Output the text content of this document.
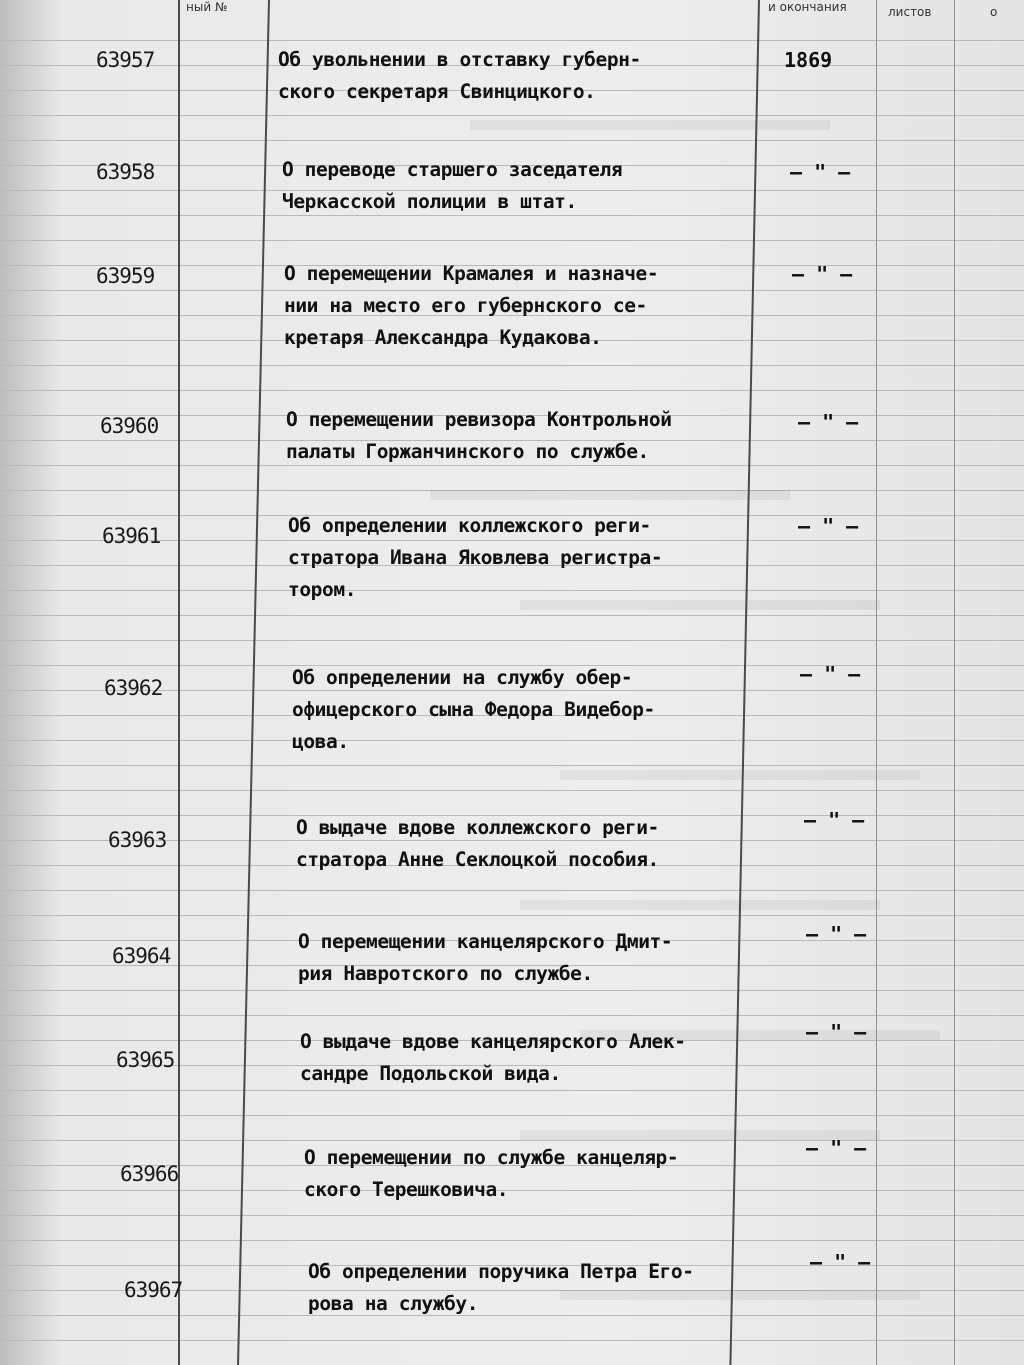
ный №	и окончания	листов	о
63957	Об увольнении в отставку губерн-
ского секретаря Свинцицкого.
1869
63958	О переводе старшего заседателя
Черкасской полиции в штат.
– " –
63959	О перемещении Крамалея и назначе-
нии на место его губернского се-
кретаря Александра Кудакова.
– " –
63960	О перемещении ревизора Контрольной
палаты Горжанчинского по службе.
– " –
63961	Об определении коллежского реги-
стратора Ивана Яковлева регистра-
тором.
– " –
63962	Об определении на службу обер-
офицерского сына Федора Видебор-
цова.
– " –
63963
О выдаче вдове коллежского реги-
стратора Анне Секлоцкой пособия.
– " –
63964
О перемещении канцелярского Дмит-
рия Навротского по службе.
– " –
63965
О выдаче вдове канцелярского Алек-
сандре Подольской вида.
– " –
63966
О перемещении по службе канцеляр-
ского Терешковича.
– " –
63967
Об определении поручика Петра Его-
рова на службу.
– " –
